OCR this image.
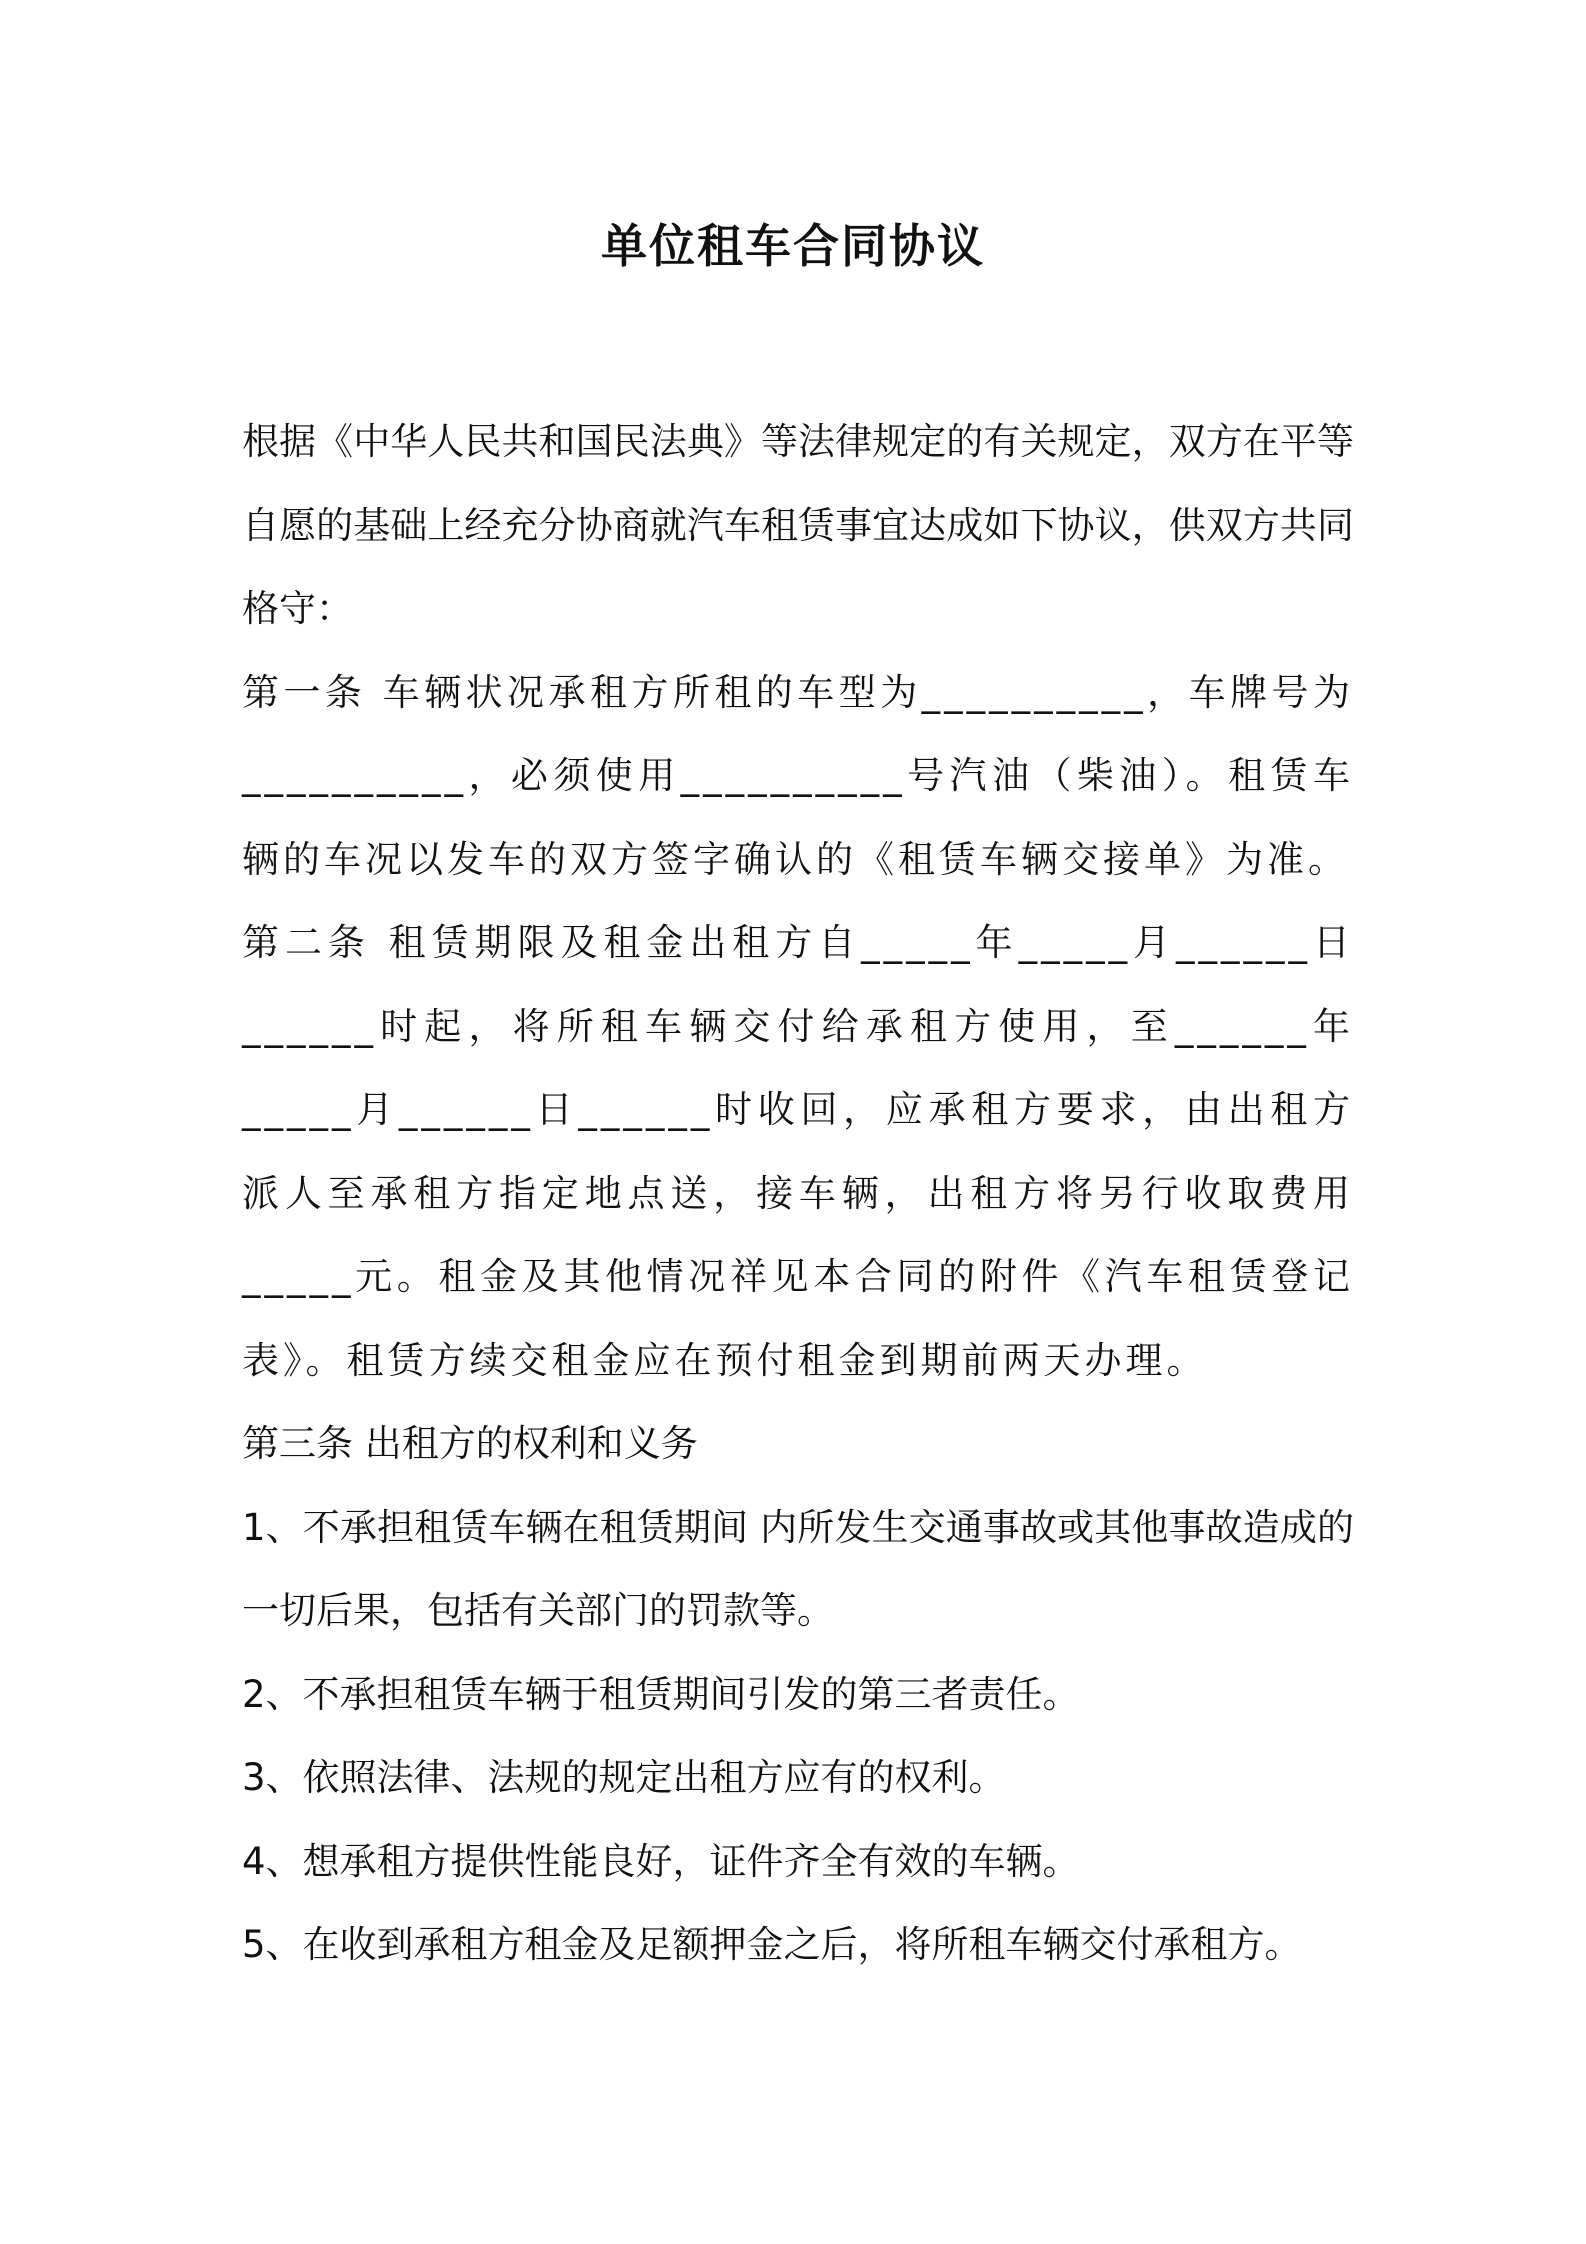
单位租车合同协议

根据《中华人民共和国民法典》等法律规定的有关规定，双方在平等自愿的基础上经充分协商就汽车租赁事宜达成如下协议，供双方共同格守：

第一条 车辆状况承租方所租的车型为__________，车牌号为__________，必须使用__________号汽油（柴油）。租赁车辆的车况以发车的双方签字确认的《租赁车辆交接单》为准。

第二条 租赁期限及租金出租方自_____年_____月______日______时起，将所租车辆交付给承租方使用，至______年_____月______日______时收回，应承租方要求，由出租方派人至承租方指定地点送，接车辆，出租方将另行收取费用_____元。租金及其他情况祥见本合同的附件《汽车租赁登记表》。租赁方续交租金应在预付租金到期前两天办理。

第三条 出租方的权利和义务

1、不承担租赁车辆在租赁期间 内所发生交通事故或其他事故造成的一切后果，包括有关部门的罚款等。

2、不承担租赁车辆于租赁期间引发的第三者责任。

3、依照法律、法规的规定出租方应有的权利。

4、想承租方提供性能良好，证件齐全有效的车辆。

5、在收到承租方租金及足额押金之后，将所租车辆交付承租方。
